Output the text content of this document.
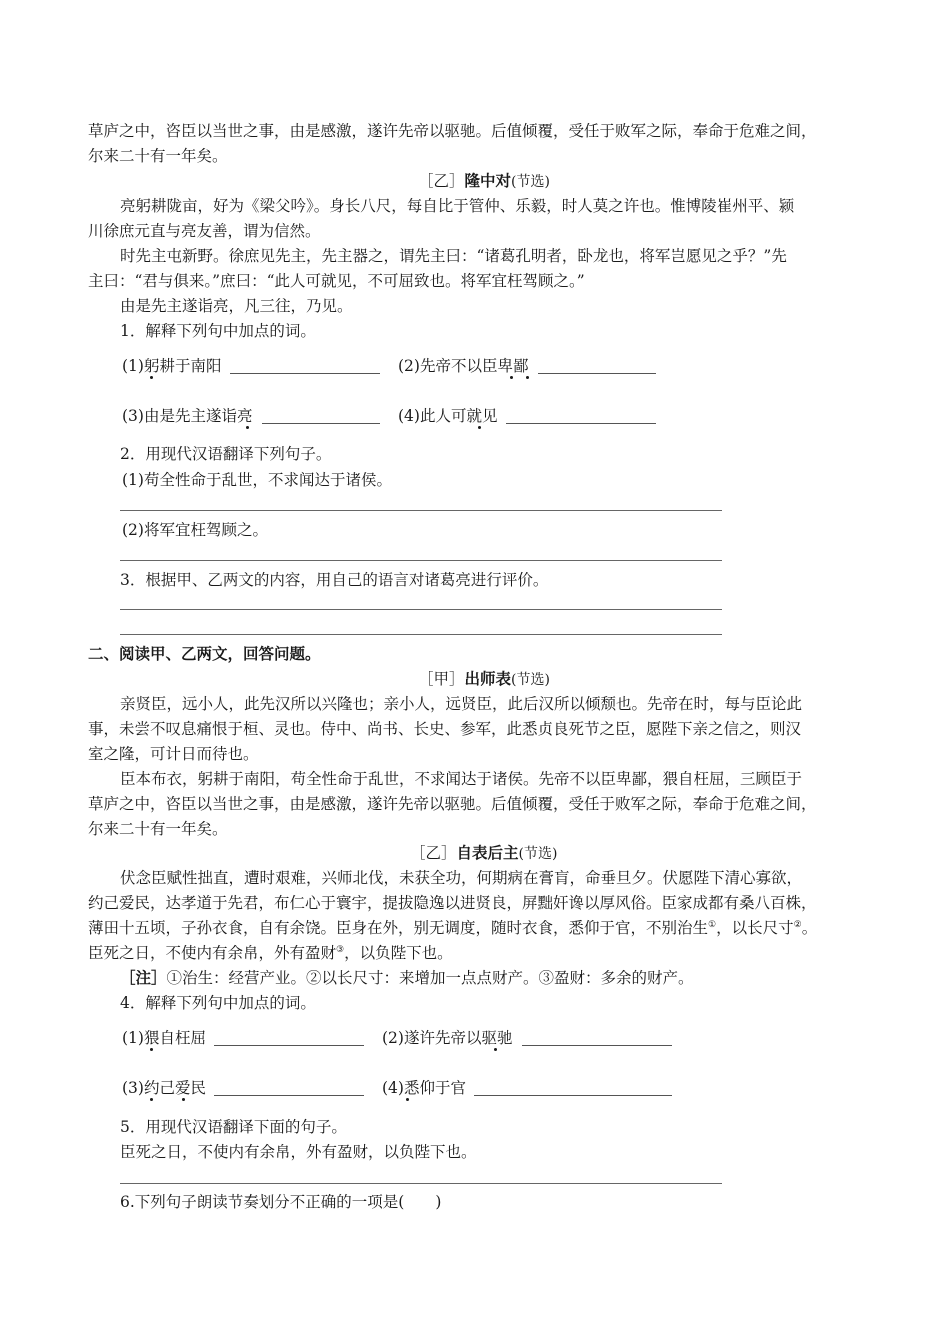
草庐之中，咨臣以当世之事，由是感激，遂许先帝以驱驰。后值倾覆，受任于败军之际，奉命于危难之间，
尔来二十有一年矣。
［乙］隆中对(节选)
亮躬耕陇亩，好为《梁父吟》。身长八尺，每自比于管仲、乐毅，时人莫之许也。惟博陵崔州平、颍
川徐庶元直与亮友善，谓为信然。
时先主屯新野。徐庶见先主，先主器之，谓先主曰：“诸葛孔明者，卧龙也，将军岂愿见之乎？”先
主曰：“君与俱来。”庶曰：“此人可就见，不可屈致也。将军宜枉驾顾之。”
由是先主遂诣亮，凡三往，乃见。
1．解释下列句中加点的词。
(1)躬耕于南阳	(2)先帝不以臣卑鄙
(3)由是先主遂诣亮	(4)此人可就见
2．用现代汉语翻译下列句子。
(1)苟全性命于乱世，不求闻达于诸侯。
(2)将军宜枉驾顾之。
3．根据甲、乙两文的内容，用自己的语言对诸葛亮进行评价。
二、阅读甲、乙两文，回答问题。
［甲］出师表(节选)
亲贤臣，远小人，此先汉所以兴隆也；亲小人，远贤臣，此后汉所以倾颓也。先帝在时，每与臣论此
事，未尝不叹息痛恨于桓、灵也。侍中、尚书、长史、参军，此悉贞良死节之臣，愿陛下亲之信之，则汉
室之隆，可计日而待也。
臣本布衣，躬耕于南阳，苟全性命于乱世，不求闻达于诸侯。先帝不以臣卑鄙，猥自枉屈，三顾臣于
草庐之中，咨臣以当世之事，由是感激，遂许先帝以驱驰。后值倾覆，受任于败军之际，奉命于危难之间，
尔来二十有一年矣。
［乙］自表后主(节选)
伏念臣赋性拙直，遭时艰难，兴师北伐，未获全功，何期病在膏肓，命垂旦夕。伏愿陛下清心寡欲，
约己爱民，达孝道于先君，布仁心于寰宇，提拔隐逸以进贤良，屏黜奸谗以厚风俗。臣家成都有桑八百株，
薄田十五顷，子孙衣食，自有余饶。臣身在外，别无调度，随时衣食，悉仰于官，不别治生①，以长尺寸②。
臣死之日，不使内有余帛，外有盈财③，以负陛下也。
［注］①治生：经营产业。②以长尺寸：来增加一点点财产。③盈财：多余的财产。
4．解释下列句中加点的词。
(1)猥自枉屈	(2)遂许先帝以驱驰
(3)约己爱民	(4)悉仰于官
5．用现代汉语翻译下面的句子。
臣死之日，不使内有余帛，外有盈财，以负陛下也。
6.下列句子朗读节奏划分不正确的一项是(　　)
